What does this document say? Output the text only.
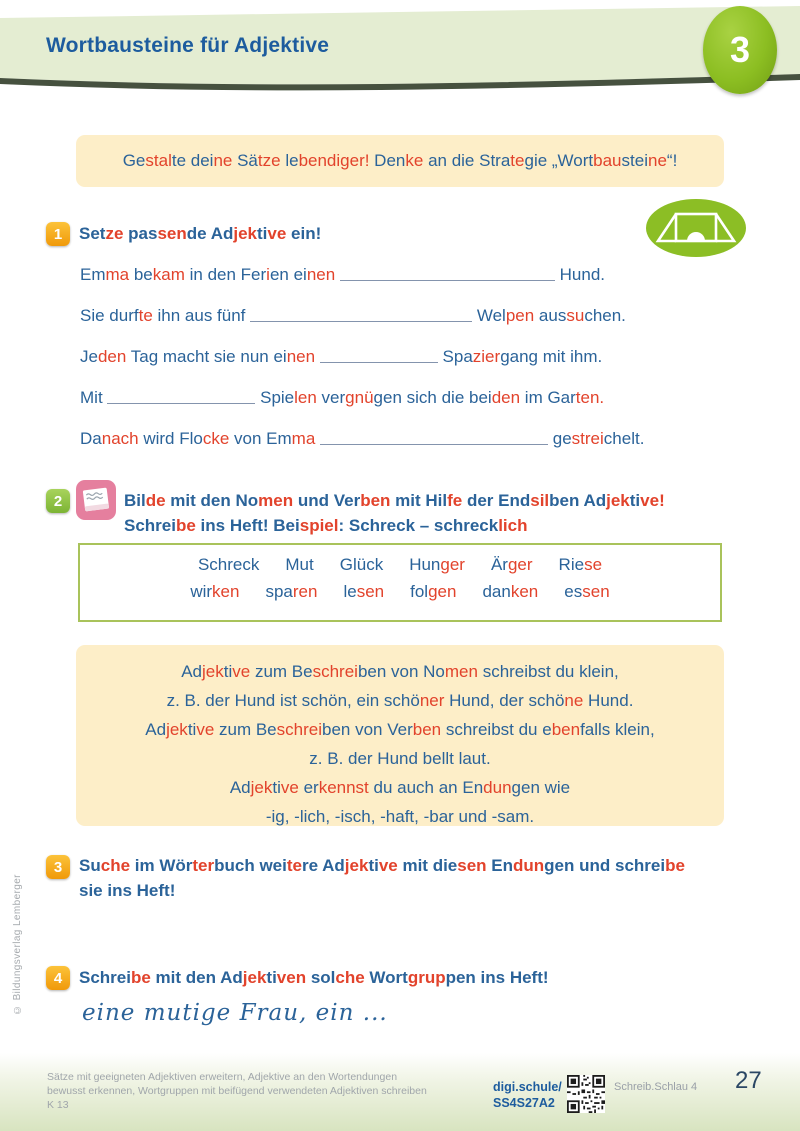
Wortbausteine für Adjektive	3
Gestalte deine Sätze lebendiger! Denke an die Strategie „Wortbausteine“!
1 Setze passende Adjektive ein!
Emma bekam in den Ferien einen	Hund.
Sie durfte ihn aus fünf	Welpen aussuchen.
Jeden Tag macht sie nun einen	Spaziergang mit ihm.
Mit	Spielen vergnügen sich die beiden im Garten.
Danach wird Flocke von Emma	gestreichelt.
2	Bilde mit den Nomen und Verben mit Hilfe der Endsilben Adjektive!
Schreibe ins Heft! Beispiel: Schreck – schrecklich
Schreck Mut Glück Hunger Ärger Riese
wirken sparen lesen folgen danken essen
Adjektive zum Beschreiben von Nomen schreibst du klein,
z. B. der Hund ist schön, ein schöner Hund, der schöne Hund.
Adjektive zum Beschreiben von Verben schreibst du ebenfalls klein,
z. B. der Hund bellt laut.
Adjektive erkennst du auch an Endungen wie
-ig, -lich, -isch, -haft, -bar und -sam.
3 Suche im Wörterbuch weitere Adjektive mit diesen Endungen und schreibe
sie ins Heft!
4 Schreibe mit den Adjektiven solche Wortgruppen ins Heft!
eine mutige Frau, ein ...
© Bildungsverlag Lemberger
Sätze mit geeigneten Adjektiven erweitern, Adjektive an den Wortendungen
bewusst erkennen, Wortgruppen mit beifügend verwendeten Adjektiven schreiben
K 13
digi.schule/
SS4S27A2
Schreib.Schlau 4 27
